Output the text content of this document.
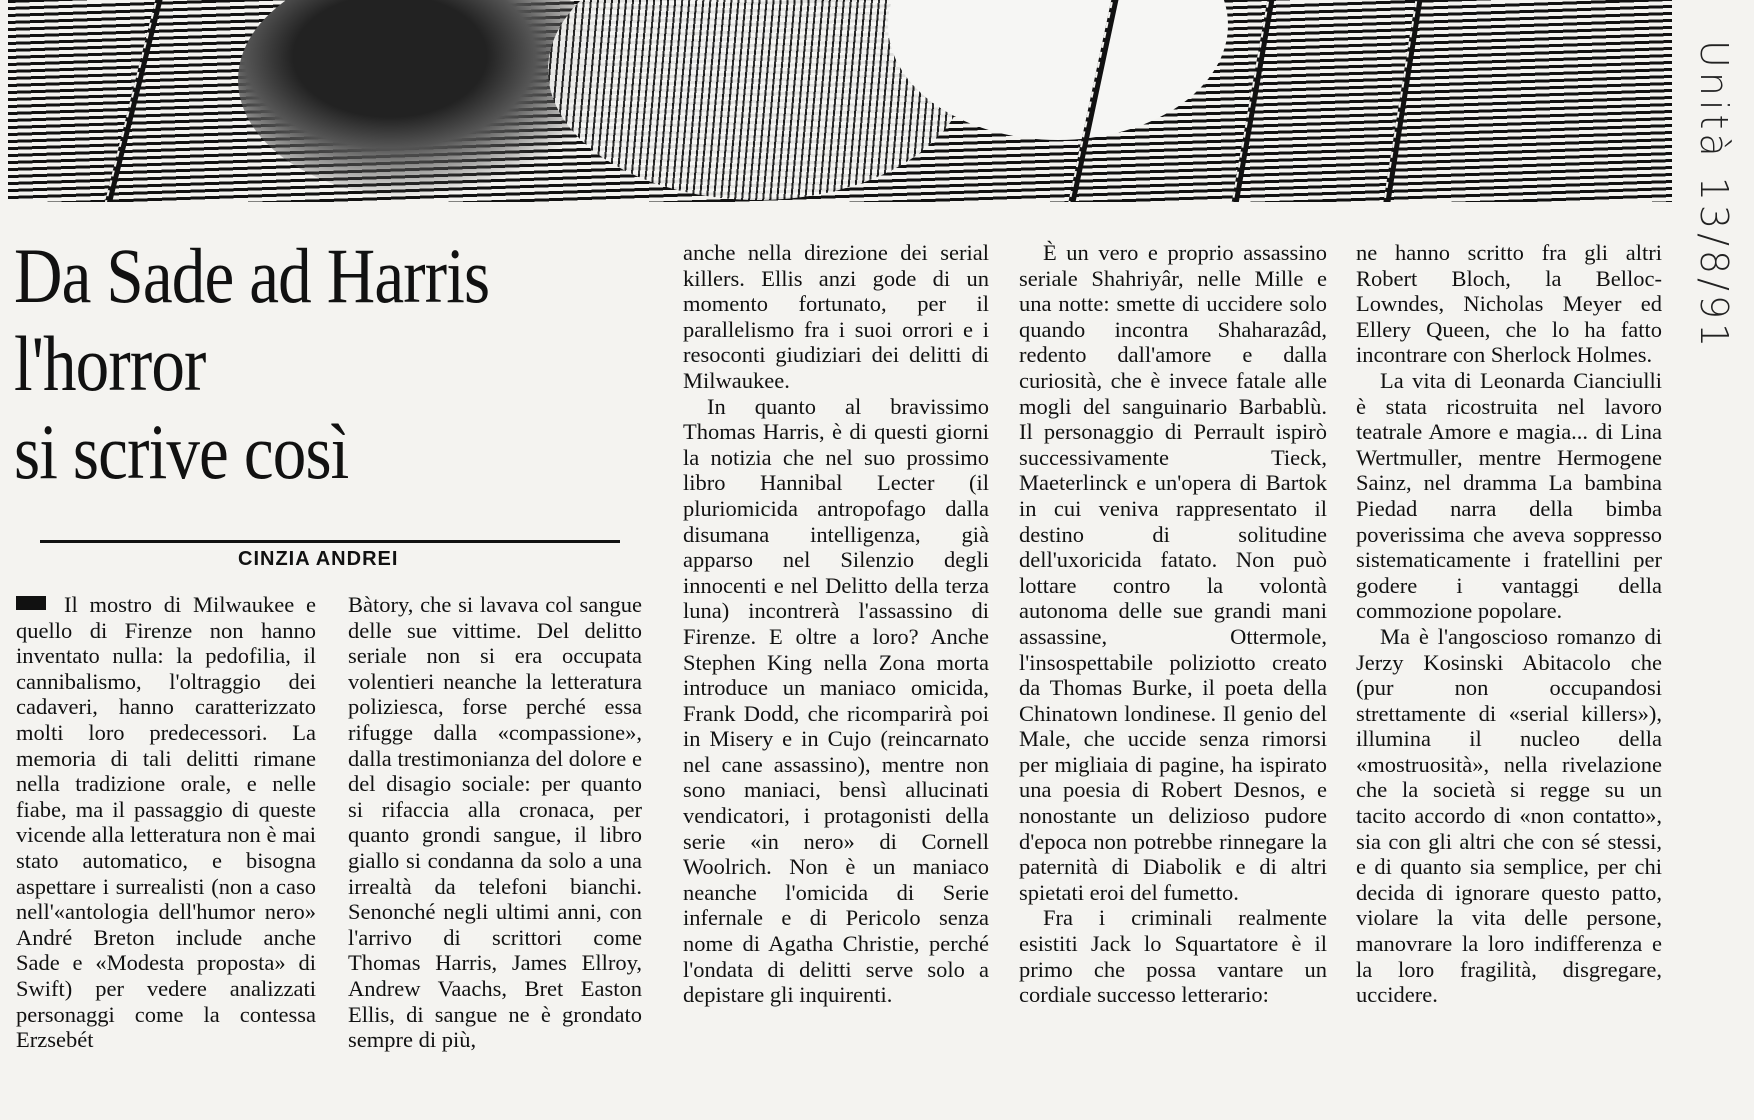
Unità 13/8/91
Da Sade ad Harris
l'horror
si scrive così
CINZIA ANDREI

Il mostro di Milwaukee e quello di Firenze non hanno inventato nulla: la pedofilia, il cannibalismo, l'oltraggio dei cadaveri, hanno caratterizzato molti loro predecessori. La memoria di tali delitti rimane nella tradizione orale, e nelle fiabe, ma il passaggio di queste vicende alla letteratura non è mai stato automatico, e bisogna aspettare i surrealisti (non a caso nell'«antologia dell'humor nero» André Breton include anche Sade e «Modesta proposta» di Swift) per vedere analizzati personaggi come la contessa Erzsebét

Bàtory, che si lavava col sangue delle sue vittime. Del delitto seriale non si era occupata volentieri neanche la letteratura poliziesca, forse perché essa rifugge dalla «compassione», dalla trestimonianza del dolore e del disagio sociale: per quanto si rifaccia alla cronaca, per quanto grondi sangue, il libro giallo si condanna da solo a una irrealtà da telefoni bianchi. Senonché negli ultimi anni, con l'arrivo di scrittori come Thomas Harris, James Ellroy, Andrew Vaachs, Bret Easton Ellis, di sangue ne è grondato sempre di più,

anche nella direzione dei serial killers. Ellis anzi gode di un momento fortunato, per il parallelismo fra i suoi orrori e i resoconti giudiziari dei delitti di Milwaukee.

In quanto al bravissimo Thomas Harris, è di questi giorni la notizia che nel suo prossimo libro Hannibal Lecter (il pluriomicida antropofago dalla disumana intelligenza, già apparso nel Silenzio degli innocenti e nel Delitto della terza luna) incontrerà l'assassino di Firenze. E oltre a loro? Anche Stephen King nella Zona morta introduce un maniaco omicida, Frank Dodd, che ricomparirà poi in Misery e in Cujo (reincarnato nel cane assassino), mentre non sono maniaci, bensì allucinati vendicatori, i protagonisti della serie «in nero» di Cornell Woolrich. Non è un maniaco neanche l'omicida di Serie infernale e di Pericolo senza nome di Agatha Christie, perché l'ondata di delitti serve solo a depistare gli inquirenti.

È un vero e proprio assassino seriale Shahriyâr, nelle Mille e una notte: smette di uccidere solo quando incontra Shaharazâd, redento dall'amore e dalla curiosità, che è invece fatale alle mogli del sanguinario Barbablù. Il personaggio di Perrault ispirò successivamente Tieck, Maeterlinck e un'opera di Bartok in cui veniva rappresentato il destino di solitudine dell'uxoricida fatato. Non può lottare contro la volontà autonoma delle sue grandi mani assassine, Ottermole, l'insospettabile poliziotto creato da Thomas Burke, il poeta della Chinatown londinese. Il genio del Male, che uccide senza rimorsi per migliaia di pagine, ha ispirato una poesia di Robert Desnos, e nonostante un delizioso pudore d'epoca non potrebbe rinnegare la paternità di Diabolik e di altri spietati eroi del fumetto.

Fra i criminali realmente esistiti Jack lo Squartatore è il primo che possa vantare un cordiale successo letterario:

ne hanno scritto fra gli altri Robert Bloch, la Belloc-Lowndes, Nicholas Meyer ed Ellery Queen, che lo ha fatto incontrare con Sherlock Holmes.

La vita di Leonarda Cianciulli è stata ricostruita nel lavoro teatrale Amore e magia... di Lina Wertmuller, mentre Hermogene Sainz, nel dramma La bambina Piedad narra della bimba poverissima che aveva soppresso sistematicamente i fratellini per godere i vantaggi della commozione popolare.

Ma è l'angoscioso romanzo di Jerzy Kosinski Abitacolo che (pur non occupandosi strettamente di «serial killers»), illumina il nucleo della «mostruosità», nella rivelazione che la società si regge su un tacito accordo di «non contatto», sia con gli altri che con sé stessi, e di quanto sia semplice, per chi decida di ignorare questo patto, violare la vita delle persone, manovrare la loro indifferenza e la loro fragilità, disgregare, uccidere.
